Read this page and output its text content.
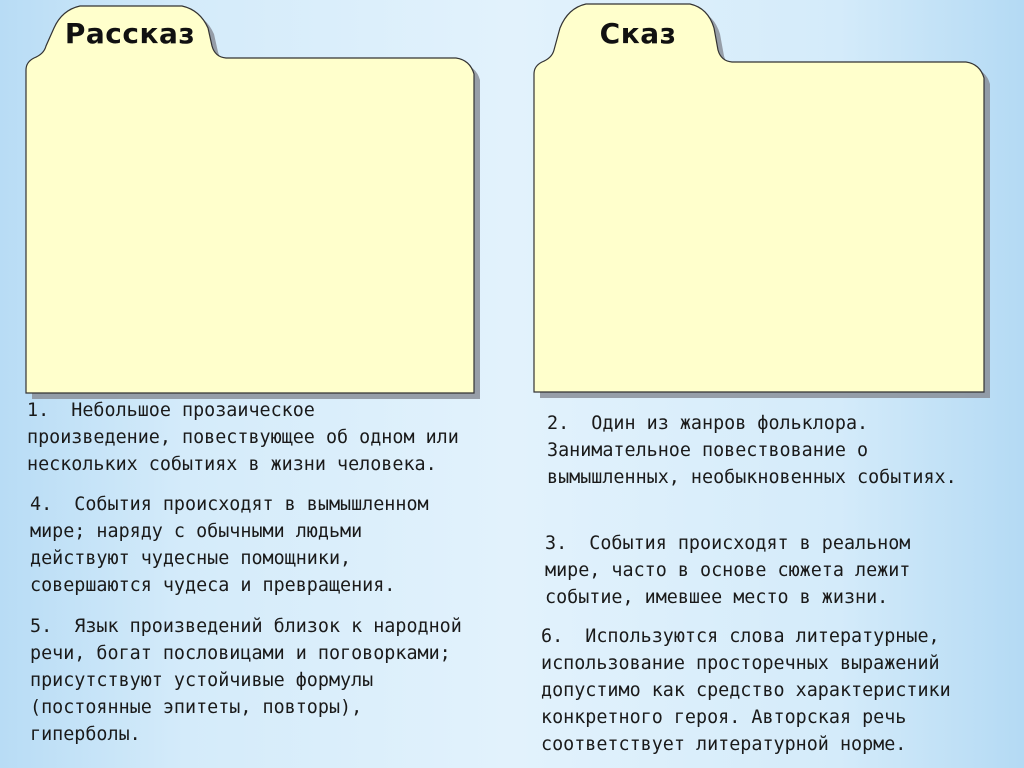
Рассказ	Сказ

1.  Небольшое прозаическое
произведение, повествующее об одном или
нескольких событиях в жизни человека.

4.  События происходят в вымышленном
мире; наряду с обычными людьми
действуют чудесные помощники,
совершаются чудеса и превращения.

5.  Язык произведений близок к народной
речи, богат пословицами и поговорками;
присутствуют устойчивые формулы
(постоянные эпитеты, повторы),
гиперболы.

2.  Один из жанров фольклора.
Занимательное повествование о
вымышленных, необыкновенных событиях.

3.  События происходят в реальном
мире, часто в основе сюжета лежит
событие, имевшее место в жизни.

6.  Используются слова литературные,
использование просторечных выражений
допустимо как средство характеристики
конкретного героя. Авторская речь
соответствует литературной норме.
